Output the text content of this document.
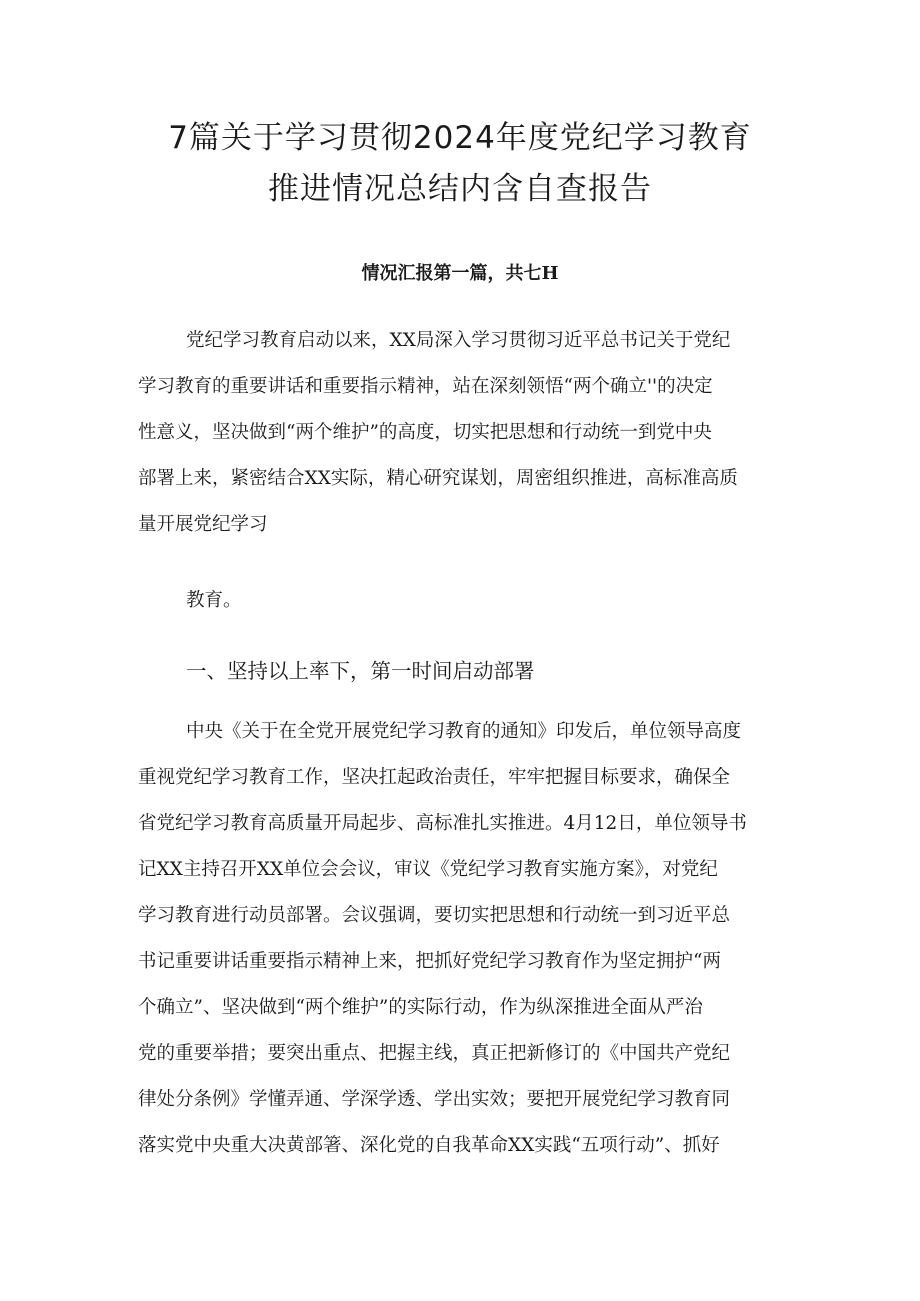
7篇关于学习贯彻2024年度党纪学习教育
推进情况总结内含自查报告
情况汇报第一篇，共七H
党纪学习教育启动以来，XX局深入学习贯彻习近平总书记关于党纪
学习教育的重要讲话和重要指示精神，站在深刻领悟“两个确立''的决定
性意义，坚决做到“两个维护”的高度，切实把思想和行动统一到党中央
部署上来，紧密结合XX实际，精心研究谋划，周密组织推进，高标准高质
量开展党纪学习
教育。
一、坚持以上率下，第一时间启动部署
中央《关于在全党开展党纪学习教育的通知》印发后，单位领导高度
重视党纪学习教育工作，坚决扛起政治责任，牢牢把握目标要求，确保全
省党纪学习教育高质量开局起步、高标准扎实推进。4月12日，单位领导书
记XX主持召开XX单位会会议，审议《党纪学习教育实施方案》，对党纪
学习教育进行动员部署。会议强调，要切实把思想和行动统一到习近平总
书记重要讲话重要指示精神上来，把抓好党纪学习教育作为坚定拥护“两
个确立”、坚决做到“两个维护”的实际行动，作为纵深推进全面从严治
党的重要举措；要突出重点、把握主线，真正把新修订的《中国共产党纪
律处分条例》学懂弄通、学深学透、学出实效；要把开展党纪学习教育同
落实党中央重大决黄部箸、深化党的自我革命XX实践“五项行动”、抓好
